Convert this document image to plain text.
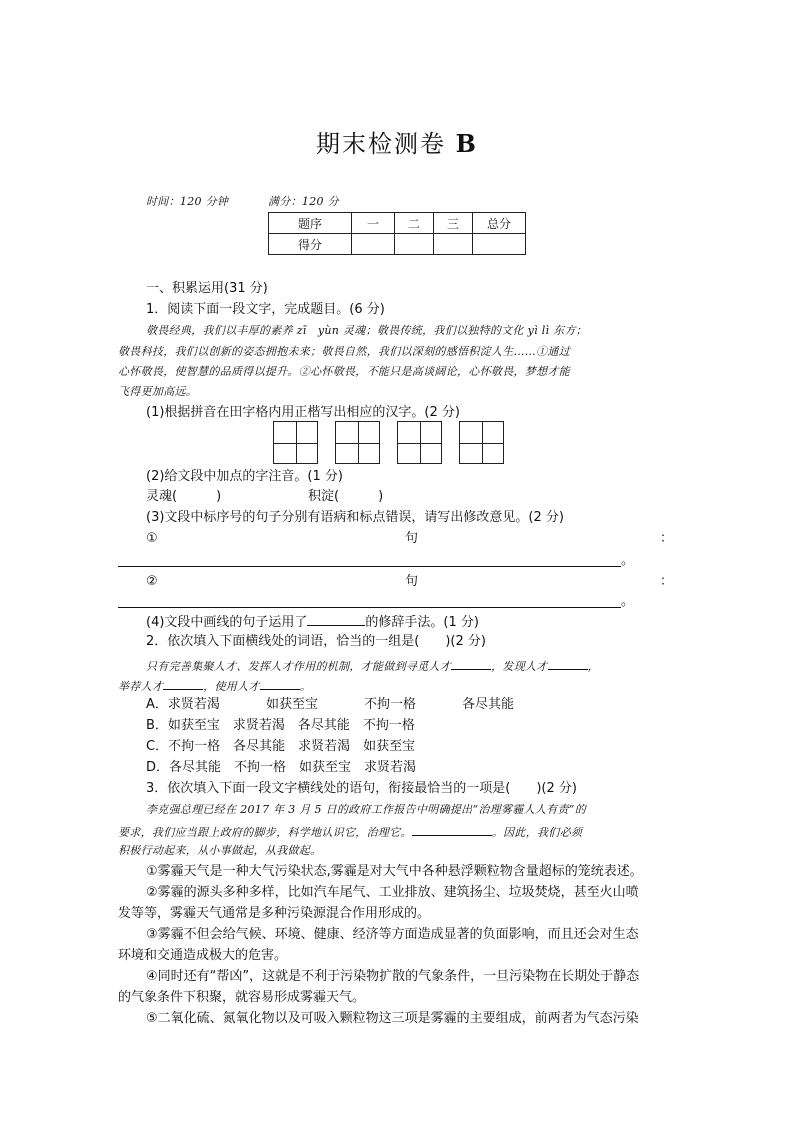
期末检测卷 B
时间：120 分钟	满分：120 分
题序	一	二	三	总分
得分				
一、积累运用(31 分)
1．阅读下面一段文字，完成题目。(6 分)
敬畏经典，我们以丰厚的素养 zī　yùn 灵魂；敬畏传统，我们以独特的文化 yì lì 东方；
敬畏科技，我们以创新的姿态拥抱未来；敬畏自然，我们以深刻的感悟积淀人生……①通过
心怀敬畏，使智慧的品质得以提升。②心怀敬畏，不能只是高谈阔论，心怀敬畏，梦想才能
飞得更加高远。
(1)根据拼音在田字格内用正楷写出相应的汉字。(2 分)
(2)给文段中加点的字注音。(1 分)
灵魂(　　　)	积淀(　　　)
(3)文段中标序号的句子分别有语病和标点错误，请写出修改意见。(2 分)
①	句	：
。
②	句	：
。
(4)文段中画线的句子运用了	的修辞手法。(1 分)
2．依次填入下面横线处的词语，恰当的一组是(　　)(2 分)
只有完善集聚人才、发挥人才作用的机制，才能做到寻觅人才	，发现人才	，
举荐人才	，使用人才	。
A．求贤若渴	如获至宝	不拘一格	各尽其能
B．如获至宝　求贤若渴　各尽其能　不拘一格
C．不拘一格　各尽其能　求贤若渴　如获至宝
D．各尽其能　不拘一格　如获至宝　求贤若渴
3．依次填入下面一段文字横线处的语句，衔接最恰当的一项是(　　)(2 分)
李克强总理已经在 2017 年 3 月 5 日的政府工作报告中明确提出“治理雾霾人人有责”的
要求，我们应当跟上政府的脚步，科学地认识它，治理它。	。因此，我们必须
积极行动起来，从小事做起，从我做起。
①雾霾天气是一种大气污染状态,雾霾是对大气中各种悬浮颗粒物含量超标的笼统表述。
②雾霾的源头多种多样，比如汽车尾气、工业排放、建筑扬尘、垃圾焚烧，甚至火山喷
发等等，雾霾天气通常是多种污染源混合作用形成的。
③雾霾不但会给气候、环境、健康、经济等方面造成显著的负面影响，而且还会对生态
环境和交通造成极大的危害。
④同时还有“帮凶”，这就是不利于污染物扩散的气象条件，一旦污染物在长期处于静态
的气象条件下积聚，就容易形成雾霾天气。
⑤二氧化硫、氮氧化物以及可吸入颗粒物这三项是雾霾的主要组成，前两者为气态污染
